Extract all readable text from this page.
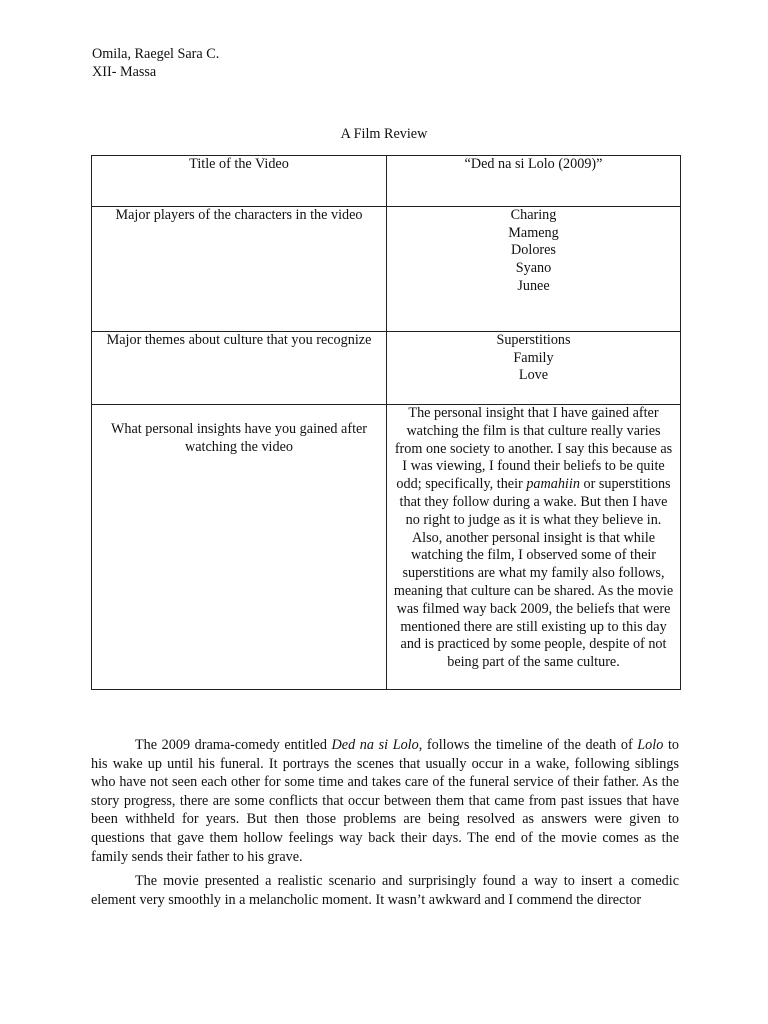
Omila, Raegel Sara C.
XII- Massa
A Film Review
Title of the Video	“Ded na si Lolo (2009)”
Major players of the characters in the video	Charing
Mameng
Dolores
Syano
Junee

Major themes about culture that you recognize	Superstitions
Family
Love

What personal insights have you gained after watching the video	The personal insight that I have gained after watching the film is that culture really varies from one society to another. I say this because as I was viewing, I found their beliefs to be quite odd; specifically, their pamahiin or superstitions that they follow during a wake. But then I have no right to judge as it is what they believe in. Also, another personal insight is that while watching the film, I observed some of their superstitions are what my family also follows, meaning that culture can be shared. As the movie was filmed way back 2009, the beliefs that were mentioned there are still existing up to this day and is practiced by some people, despite of not being part of the same culture.

The 2009 drama-comedy entitled Ded na si Lolo, follows the timeline of the death of Lolo to his wake up until his funeral. It portrays the scenes that usually occur in a wake, following siblings who have not seen each other for some time and takes care of the funeral service of their father. As the story progress, there are some conflicts that occur between them that came from past issues that have been withheld for years. But then those problems are being resolved as answers were given to questions that gave them hollow feelings way back their days. The end of the movie comes as the family sends their father to his grave.

The movie presented a realistic scenario and surprisingly found a way to insert a comedic element very smoothly in a melancholic moment. It wasn’t awkward and I commend the director
